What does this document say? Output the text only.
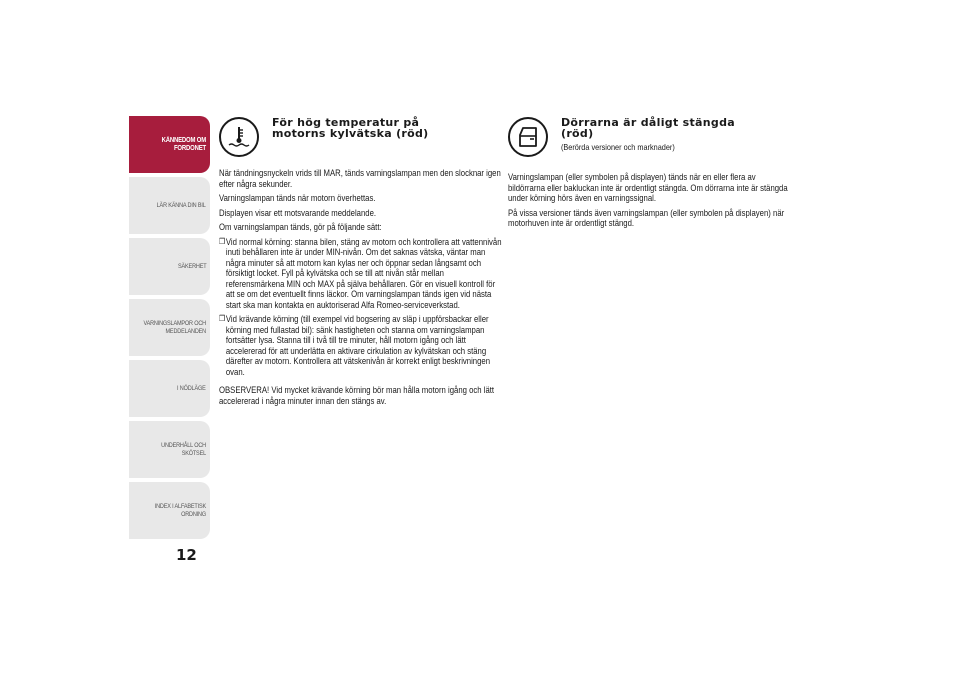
KÄNNEDOM OM FORDONET
LÄR KÄNNA DIN BIL
SÄKERHET
VARNINGSLAMPOR OCH MEDDELANDEN
I NÖDLÄGE
UNDERHÅLL OCH SKÖTSEL
INDEX I ALFABETISK ORDNING
12
För hög temperatur på
motorns kylvätska (röd)

När tändningsnyckeln vrids till MAR, tänds varningslampan men den slocknar igen efter några sekunder.

Varningslampan tänds när motorn överhettas.

Displayen visar ett motsvarande meddelande.

Om varningslampan tänds, gör på följande sätt:

❒ Vid normal körning: stanna bilen, stäng av motorn och kontrollera att vattennivån inuti behållaren inte är under MIN-nivån. Om det saknas vätska, väntar man några minuter så att motorn kan kylas ner och öppnar sedan långsamt och försiktigt locket. Fyll på kylvätska och se till att nivån står mellan referensmärkena MIN och MAX på själva behållaren. Gör en visuell kontroll för att se om det eventuellt finns läckor. Om varningslampan tänds igen vid nästa start ska man kontakta en auktoriserad Alfa Romeo-serviceverkstad.
❒ Vid krävande körning (till exempel vid bogsering av släp i uppförsbackar eller körning med fullastad bil): sänk hastigheten och stanna om varningslampan fortsätter lysa. Stanna till i två till tre minuter, håll motorn igång och lätt accelererad för att underlätta en aktivare cirkulation av kylvätskan och stäng därefter av motorn. Kontrollera att vätskenivån är korrekt enligt beskrivningen ovan.

OBSERVERA! Vid mycket krävande körning bör man hålla motorn igång och lätt accelererad i några minuter innan den stängs av.

Dörrarna är dåligt stängda
(röd)
(Berörda versioner och marknader)

Varningslampan (eller symbolen på displayen) tänds när en eller flera av bildörrarna eller bakluckan inte är ordentligt stängda. Om dörrarna inte är stängda under körning hörs även en varningssignal.

På vissa versioner tänds även varningslampan (eller symbolen på displayen) när motorhuven inte är ordentligt stängd.
